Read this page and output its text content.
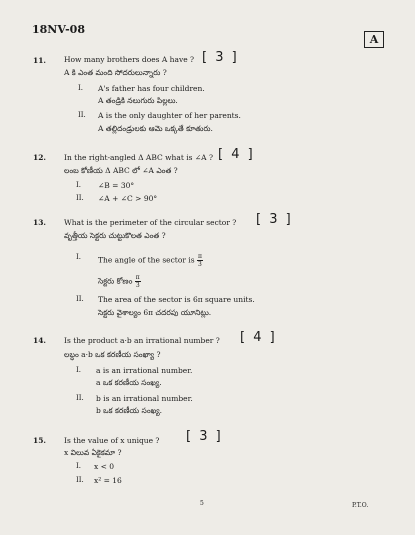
18NV-08
A
11. How many brothers does A have ? [ 3 ]
A కి ఎంత మంది సోదరులున్నారు ?
I. A's father has four children.
A తండ్రికి నలుగురు పిల్లలు.
II. A is the only daughter of her parents.
A తల్లిదండ్రులకు ఆమె ఒక్కతే కూతురు.
12. In the right-angled Δ ABC what is ∠A ? [ 4 ]
లంబ కోణీయ Δ ABC లో ∠A ఎంత ?
I. ∠B = 30°
II. ∠A + ∠C > 90°
13. What is the perimeter of the circular sector ? [ 3 ]
వృత్తీయ సెక్టరు చుట్టుకొలత ఎంత ?
I. The angle of the sector is $\frac{\pi}{3}$
సెక్టరు కోణం $\frac{\pi}{3}$
II. The area of the sector is 6π square units.
సెక్టరు వైశాల్యం 6π చదరపు యూనిట్లు.
14. Is the product a·b an irrational number ? [ 4 ]
లబ్ధం a·b ఒక కరణీయ సంఖ్యా ?
I. a is an irrational number.
a ఒక కరణీయ సంఖ్య.
II. b is an irrational number.
b ఒక కరణీయ సంఖ్య.
15. Is the value of x unique ? [ 3 ]
x విలువ ఏకైకమా ?
I. x < 0
II. x² = 16
5	P.T.O.
